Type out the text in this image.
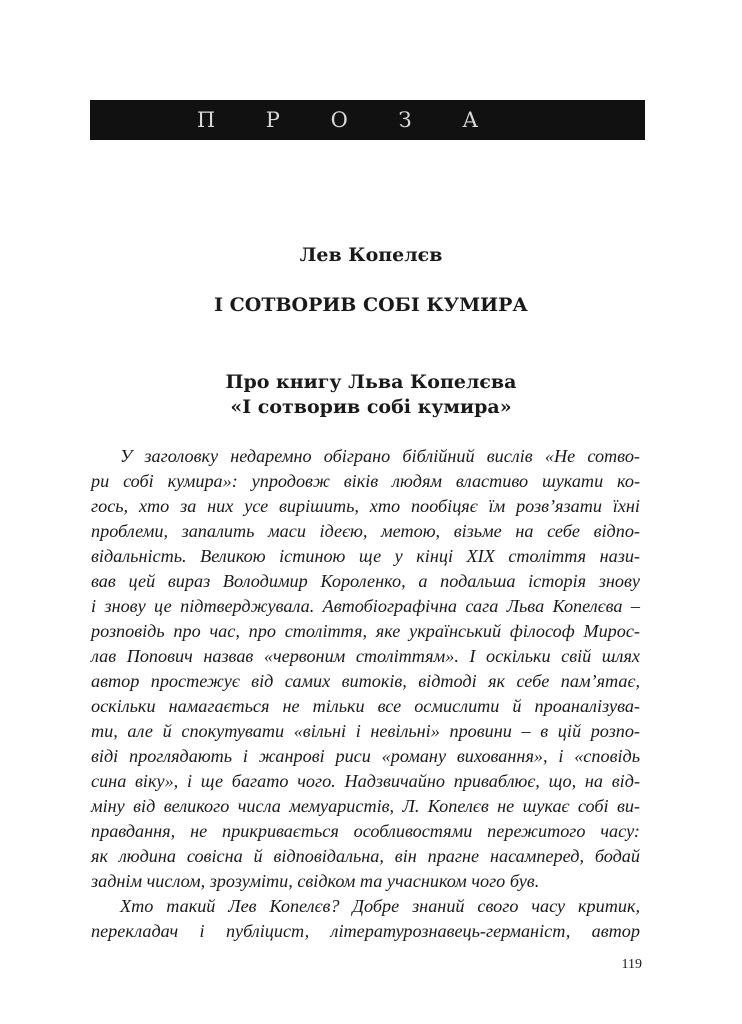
П Р О З А
Лев Копелєв
І СОТВОРИВ СОБІ КУМИРА
Про книгу Льва Копелєва
«І сотворив собі кумира»
У заголовку недаремно обіграно біблійний вислів «Не сотво-
ри собі кумира»: упродовж віків людям властиво шукати ко-
гось, хто за них усе вирішить, хто пообіцяє їм розв’язати їхні
проблеми, запалить маси ідеєю, метою, візьме на себе відпо-
відальність. Великою істиною ще у кінці XIX століття нази-
вав цей вираз Володимир Короленко, а подальша історія знову
і знову це підтверджувала. Автобіографічна сага Льва Копелєва –
розповідь про час, про століття, яке український філософ Мирос-
лав Попович назвав «червоним століттям». І оскільки свій шлях
автор простежує від самих витоків, відтоді як себе пам’ятає,
оскільки намагається не тільки все осмислити й проаналізува-
ти, але й спокутувати «вільні і невільні» провини – в цій розпо-
віді проглядають і жанрові риси «роману виховання», і «сповідь
сина віку», і ще багато чого. Надзвичайно приваблює, що, на від-
міну від великого числа мемуаристів, Л. Копелєв не шукає собі ви-
правдання, не прикривається особливостями пережитого часу:
як людина совісна й відповідальна, він прагне насамперед, бодай
заднім числом, зрозуміти, свідком та учасником чого був.
Хто такий Лев Копелєв? Добре знаний свого часу критик,
перекладач і публіцист, літературознавець-германіст, автор
119
